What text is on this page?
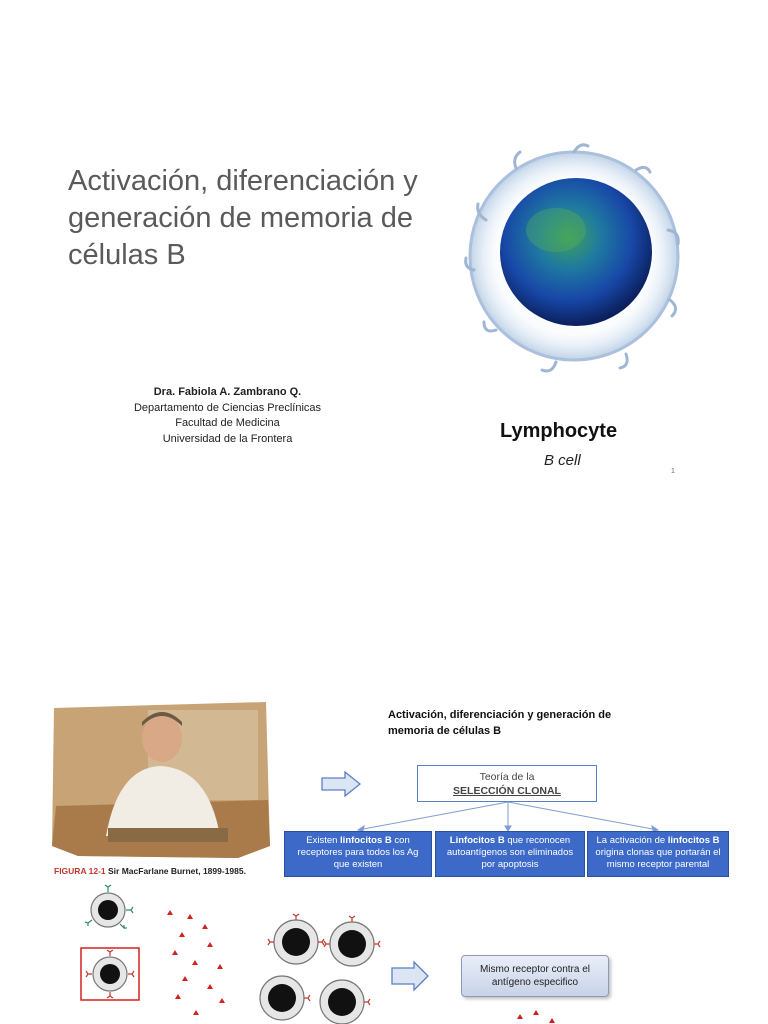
Activación, diferenciación y generación de memoria de células B
Dra. Fabiola A. Zambrano Q.
Departamento de Ciencias Preclínicas
Facultad de Medicina
Universidad de la Frontera	Lymphocyte
B cell
1
FIGURA 12-1 Sir MacFarlane Burnet, 1899-1985.
Activación, diferenciación y generación de memoria de células B
Teoría de la
SELECCIÓN CLONAL
Existen linfocitos B con receptores para todos los Ag que existen
Linfocitos B que reconocen autoantígenos son eliminados por apoptosis
La activación de linfocitos B origina clonas que portarán el mismo receptor parental
Mismo receptor contra el antígeno especifico
